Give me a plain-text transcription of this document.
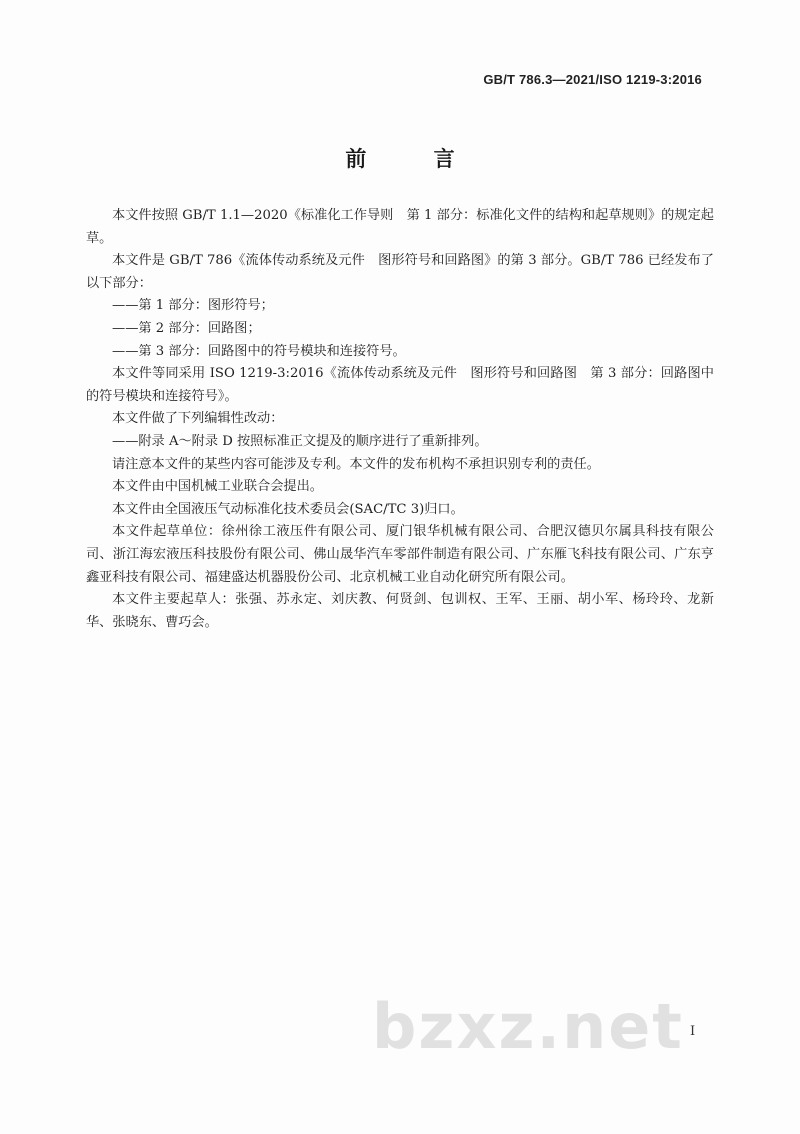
GB/T 786.3—2021/ISO 1219-3:2016
前 言

本文件按照 GB/T 1.1—2020《标准化工作导则　第 1 部分：标准化文件的结构和起草规则》的规定起草。

本文件是 GB/T 786《流体传动系统及元件　图形符号和回路图》的第 3 部分。GB/T 786 已经发布了以下部分：

——第 1 部分：图形符号；

——第 2 部分：回路图；

——第 3 部分：回路图中的符号模块和连接符号。

本文件等同采用 ISO 1219-3:2016《流体传动系统及元件　图形符号和回路图　第 3 部分：回路图中的符号模块和连接符号》。

本文件做了下列编辑性改动：

——附录 A～附录 D 按照标准正文提及的顺序进行了重新排列。

请注意本文件的某些内容可能涉及专利。本文件的发布机构不承担识别专利的责任。

本文件由中国机械工业联合会提出。

本文件由全国液压气动标准化技术委员会(SAC/TC 3)归口。

本文件起草单位：徐州徐工液压件有限公司、厦门银华机械有限公司、合肥汉德贝尔属具科技有限公司、浙江海宏液压科技股份有限公司、佛山晟华汽车零部件制造有限公司、广东雁飞科技有限公司、广东亨鑫亚科技有限公司、福建盛达机器股份公司、北京机械工业自动化研究所有限公司。

本文件主要起草人：张强、苏永定、刘庆教、何贤剑、包训权、王军、王丽、胡小军、杨玲玲、龙新华、张晓东、曹巧会。

bzxz.net I
